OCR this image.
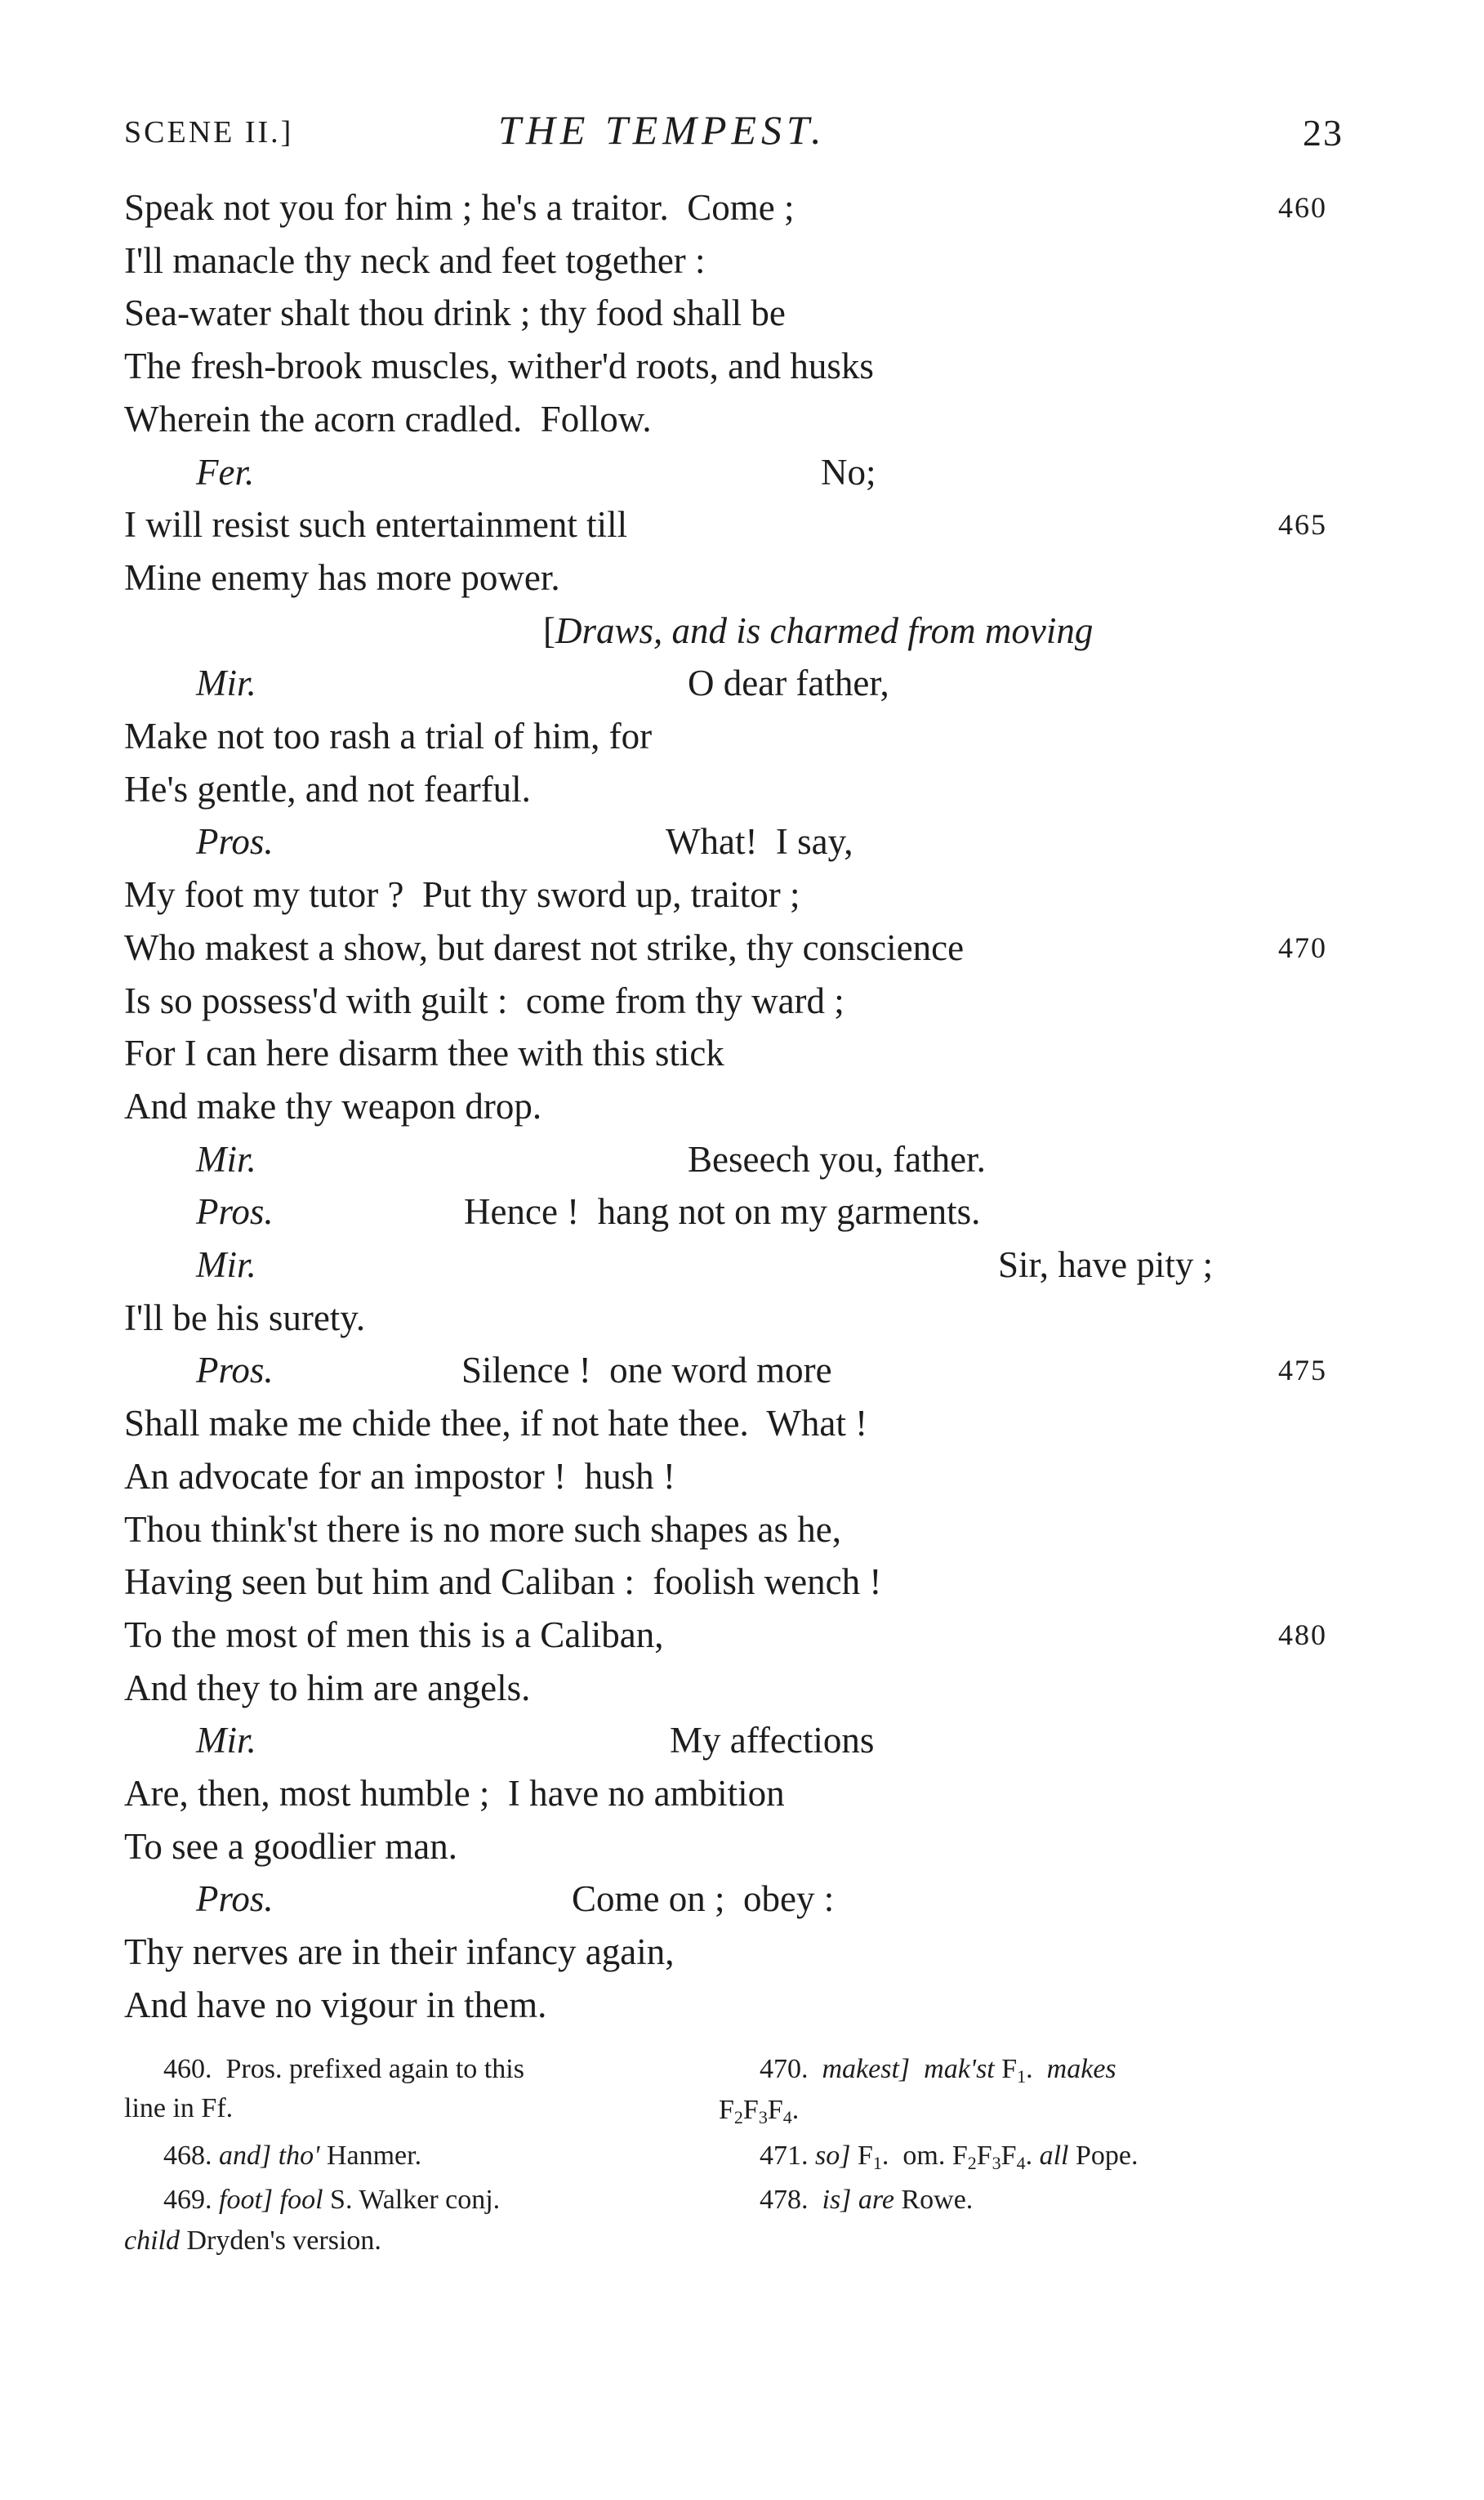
SCENE II.]	THE TEMPEST.	23
Speak not you for him ; he's a traitor.  Come ;	460
I'll manacle thy neck and feet together :
Sea-water shalt thou drink ; thy food shall be
The fresh-brook muscles, wither'd roots, and husks
Wherein the acorn cradled.  Follow.
Fer.	No;
I will resist such entertainment till	465
Mine enemy has more power.
[Draws, and is charmed from moving
Mir.	O dear father,
Make not too rash a trial of him, for
He's gentle, and not fearful.
Pros.	What!  I say,
My foot my tutor ?  Put thy sword up, traitor ;
Who makest a show, but darest not strike, thy conscience	470
Is so possess'd with guilt :  come from thy ward ;
For I can here disarm thee with this stick
And make thy weapon drop.
Mir.	Beseech you, father.
Pros.	Hence !  hang not on my garments.
Mir.	Sir, have pity ;
I'll be his surety.
Pros.	Silence !  one word more	475
Shall make me chide thee, if not hate thee.  What !
An advocate for an impostor !  hush !
Thou think'st there is no more such shapes as he,
Having seen but him and Caliban :  foolish wench !
To the most of men this is a Caliban,	480
And they to him are angels.
Mir.	My affections
Are, then, most humble ;  I have no ambition
To see a goodlier man.
Pros.	Come on ;  obey :
Thy nerves are in their infancy again,
And have no vigour in them.
460.  Pros. prefixed again to this
line in Ff.
468. and] tho' Hanmer.
469. foot] fool S. Walker conj.
child Dryden's version.
470. makest] mak'st $F_1$. makes
$F_2F_3F_4$.
471. so] $F_1$.  om. $F_2F_3F_4$. all Pope.
478. is] are Rowe.
